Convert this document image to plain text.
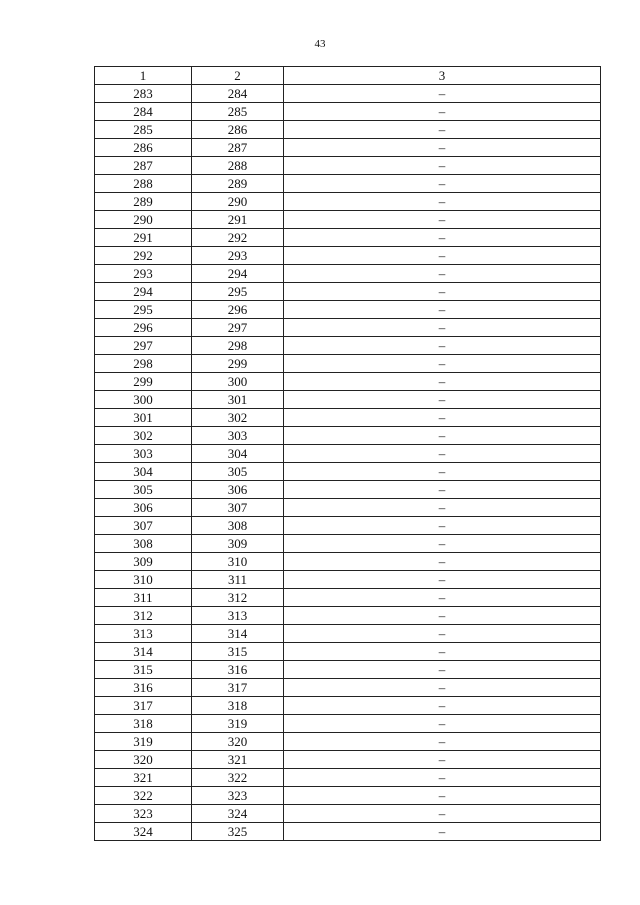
43
1	2	3
283	284	–
284	285	–
285	286	–
286	287	–
287	288	–
288	289	–
289	290	–
290	291	–
291	292	–
292	293	–
293	294	–
294	295	–
295	296	–
296	297	–
297	298	–
298	299	–
299	300	–
300	301	–
301	302	–
302	303	–
303	304	–
304	305	–
305	306	–
306	307	–
307	308	–
308	309	–
309	310	–
310	311	–
311	312	–
312	313	–
313	314	–
314	315	–
315	316	–
316	317	–
317	318	–
318	319	–
319	320	–
320	321	–
321	322	–
322	323	–
323	324	–
324	325	–
